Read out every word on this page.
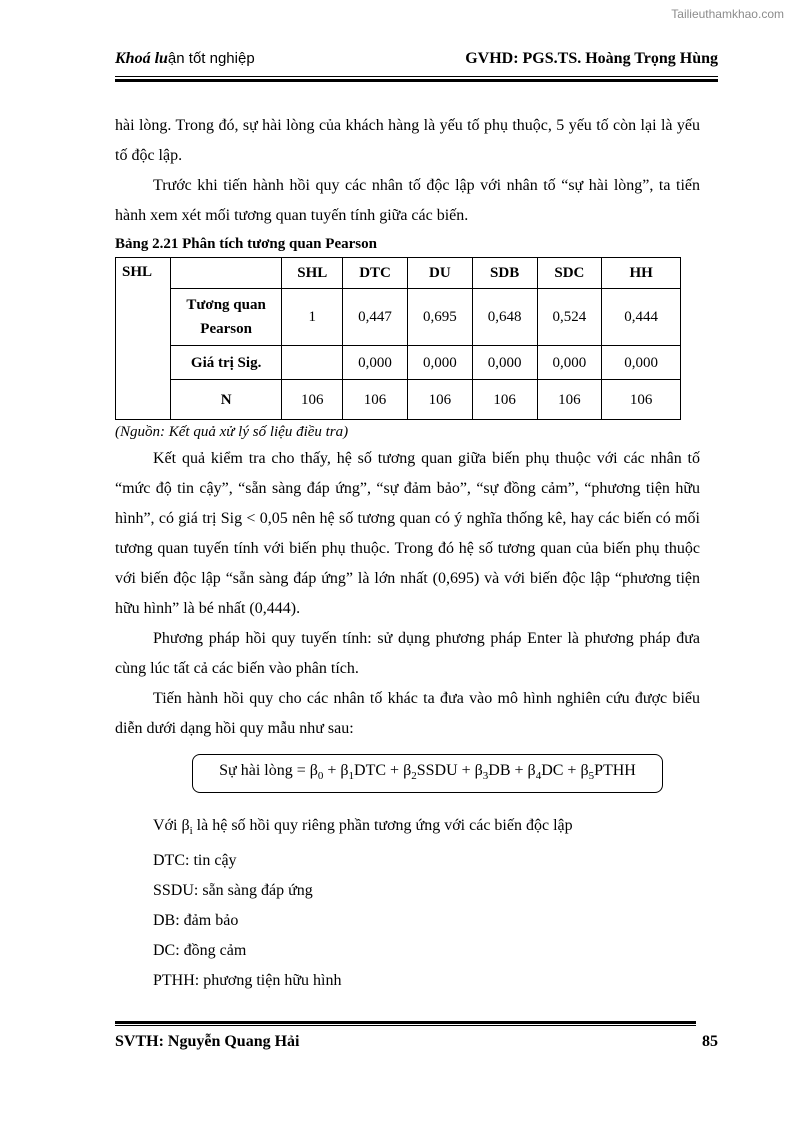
Tailieuthamkhao.com
Khoá luận tốt nghiệp	GVHD: PGS.TS. Hoàng Trọng Hùng

hài lòng. Trong đó, sự hài lòng của khách hàng là yếu tố phụ thuộc, 5 yếu tố còn lại là yếu tố độc lập.

Trước khi tiến hành hồi quy các nhân tố độc lập với nhân tố “sự hài lòng”, ta tiến hành xem xét mối tương quan tuyến tính giữa các biến.

Bảng 2.21 Phân tích tương quan Pearson

SHL		SHL	DTC	DU	SDB	SDC	HH
	Tương quan Pearson	1	0,447	0,695	0,648	0,524	0,444
	Giá trị Sig.		0,000	0,000	0,000	0,000	0,000
	N	106	106	106	106	106	106

(Nguồn: Kết quả xử lý số liệu điều tra)

Kết quả kiểm tra cho thấy, hệ số tương quan giữa biến phụ thuộc với các nhân tố “mức độ tin cậy”, “sẵn sàng đáp ứng”, “sự đảm bảo”, “sự đồng cảm”, “phương tiện hữu hình”, có giá trị Sig < 0,05 nên hệ số tương quan có ý nghĩa thống kê, hay các biến có mối tương quan tuyến tính với biến phụ thuộc. Trong đó hệ số tương quan của biến phụ thuộc với biến độc lập “sẵn sàng đáp ứng” là lớn nhất (0,695) và với biến độc lập “phương tiện hữu hình” là bé nhất (0,444).

Phương pháp hồi quy tuyến tính: sử dụng phương pháp Enter là phương pháp đưa cùng lúc tất cả các biến vào phân tích.

Tiến hành hồi quy cho các nhân tố khác ta đưa vào mô hình nghiên cứu được biểu diễn dưới dạng hồi quy mẫu như sau:

Sự hài lòng = $\beta_0 + \beta_1DTC$ + $\beta_2SSDU + \beta_3DB + \beta_4DC$ + $\beta_5PTHH$

Với $\beta_i$ là hệ số hồi quy riêng phần tương ứng với các biến độc lập

DTC: tin cậy

SSDU: sẵn sàng đáp ứng

DB: đảm bảo

DC: đồng cảm

PTHH: phương tiện hữu hình

SVTH: Nguyễn Quang Hải	85
